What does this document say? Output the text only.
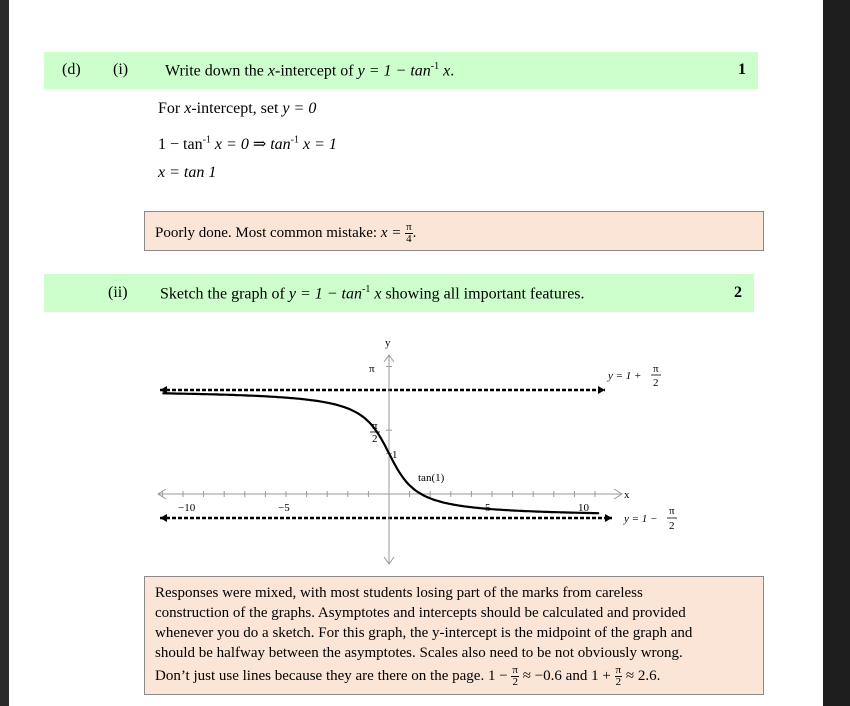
(d) (i) Write down the x-intercept of $y = 1 - \tan^{-1} x$.	1
For x-intercept, set y = 0
$1 - \tan^{-1} x = 0$ ⇒ $\tan^{-1} x = 1$
x = tan 1
Poorly done. Most common mistake: $x = \frac{\pi}{4}$ .
(ii) Sketch the graph of $y = 1 - \tan^{-1} x$ showing all important features.	2
y
x
π
π
2
1
tan(1)
−10	−5	5	10
y = 1 +
π
2
y = 1 −
π
2
Responses were mixed, with most students losing part of the marks from careless
construction of the graphs. Asymptotes and intercepts should be calculated and provided
whenever you do a sketch. For this graph, the y-intercept is the midpoint of the graph and
should be halfway between the asymptotes. Scales also need to be not obviously wrong.
Don’t just use lines because they are there on the page. $1 - \frac{\pi}{2} \approx -0.6$ and $1 + \frac{\pi}{2} \approx 2.6$.
